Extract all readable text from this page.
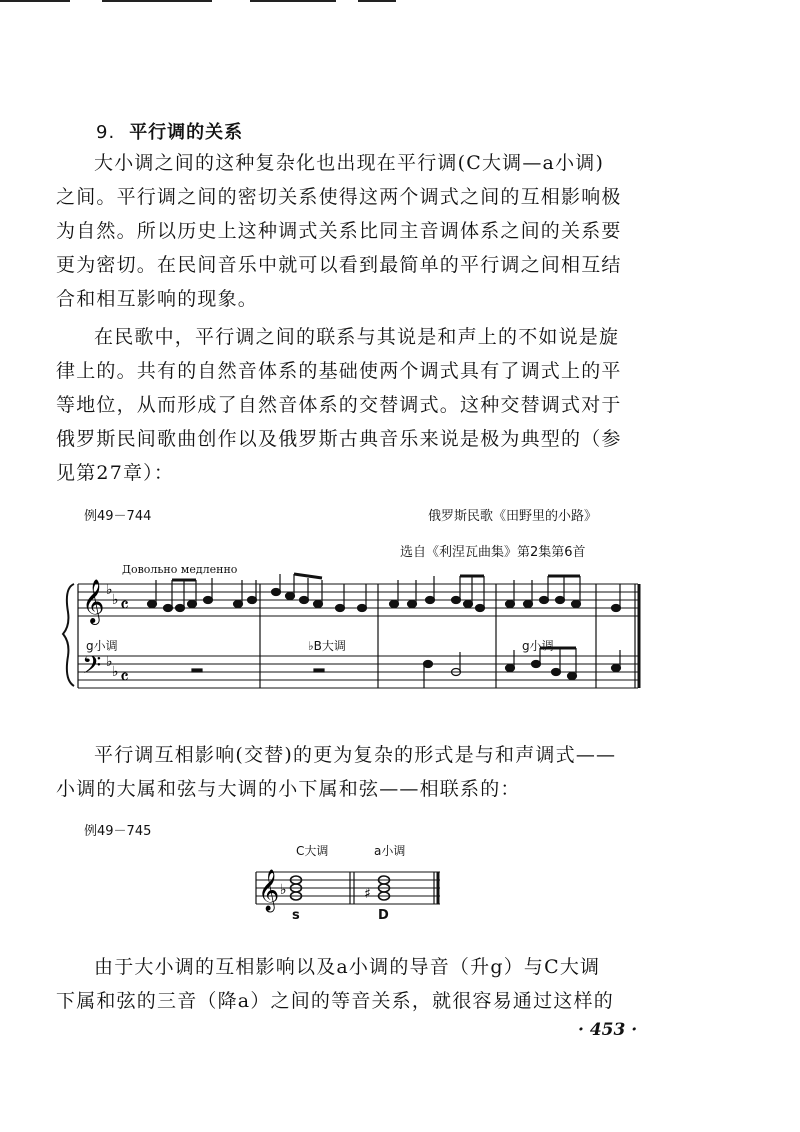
9. 平行调的关系
大小调之间的这种复杂化也出现在平行调(C大调—a小调)
之间。平行调之间的密切关系使得这两个调式之间的互相影响极
为自然。所以历史上这种调式关系比同主音调体系之间的关系要
更为密切。在民间音乐中就可以看到最简单的平行调之间相互结
合和相互影响的现象。
在民歌中，平行调之间的联系与其说是和声上的不如说是旋
律上的。共有的自然音体系的基础使两个调式具有了调式上的平
等地位，从而形成了自然音体系的交替调式。这种交替调式对于
俄罗斯民间歌曲创作以及俄罗斯古典音乐来说是极为典型的（参
见第27章）：
例49－744	俄罗斯民歌《田野里的小路》
选自《利涅瓦曲集》第2集第6首
Довольно медленно
𝄞
𝄢
♭
♭
♭
♭
𝄴
𝄴
g小调	♭B大调	g小调
平行调互相影响(交替)的更为复杂的形式是与和声调式——
小调的大属和弦与大调的小下属和弦——相联系的：
例49－745
C大调	a小调
𝄞 ♭	♯
s	D
由于大小调的互相影响以及a小调的导音（升g）与C大调
下属和弦的三音（降a）之间的等音关系，就很容易通过这样的
· 453 ·
